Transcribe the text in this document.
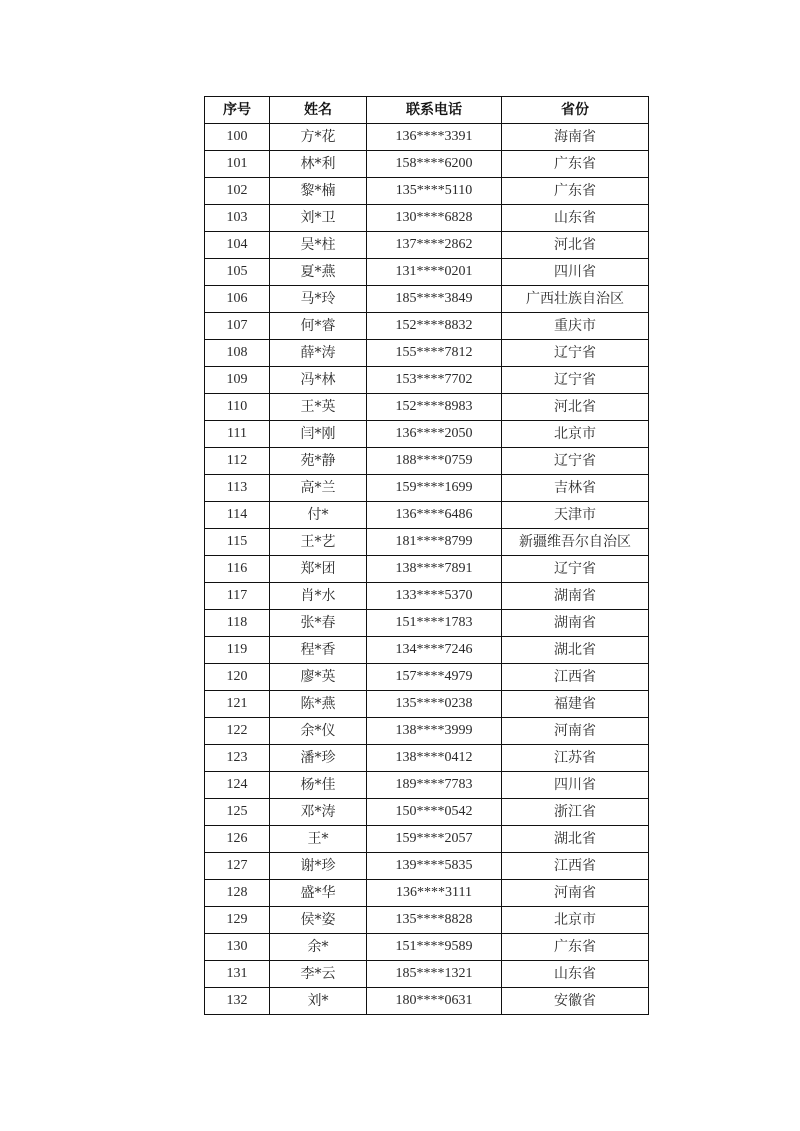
序号	姓名	联系电话	省份
100	方*花	136****3391	海南省
101	林*利	158****6200	广东省
102	黎*楠	135****5110	广东省
103	刘*卫	130****6828	山东省
104	吴*柱	137****2862	河北省
105	夏*燕	131****0201	四川省
106	马*玲	185****3849	广西壮族自治区
107	何*睿	152****8832	重庆市
108	薛*涛	155****7812	辽宁省
109	冯*林	153****7702	辽宁省
110	王*英	152****8983	河北省
111	闫*刚	136****2050	北京市
112	苑*静	188****0759	辽宁省
113	高*兰	159****1699	吉林省
114	付*	136****6486	天津市
115	王*艺	181****8799	新疆维吾尔自治区
116	郑*团	138****7891	辽宁省
117	肖*水	133****5370	湖南省
118	张*春	151****1783	湖南省
119	程*香	134****7246	湖北省
120	廖*英	157****4979	江西省
121	陈*燕	135****0238	福建省
122	余*仪	138****3999	河南省
123	潘*珍	138****0412	江苏省
124	杨*佳	189****7783	四川省
125	邓*涛	150****0542	浙江省
126	王*	159****2057	湖北省
127	谢*珍	139****5835	江西省
128	盛*华	136****3111	河南省
129	侯*姿	135****8828	北京市
130	余*	151****9589	广东省
131	李*云	185****1321	山东省
132	刘*	180****0631	安徽省
